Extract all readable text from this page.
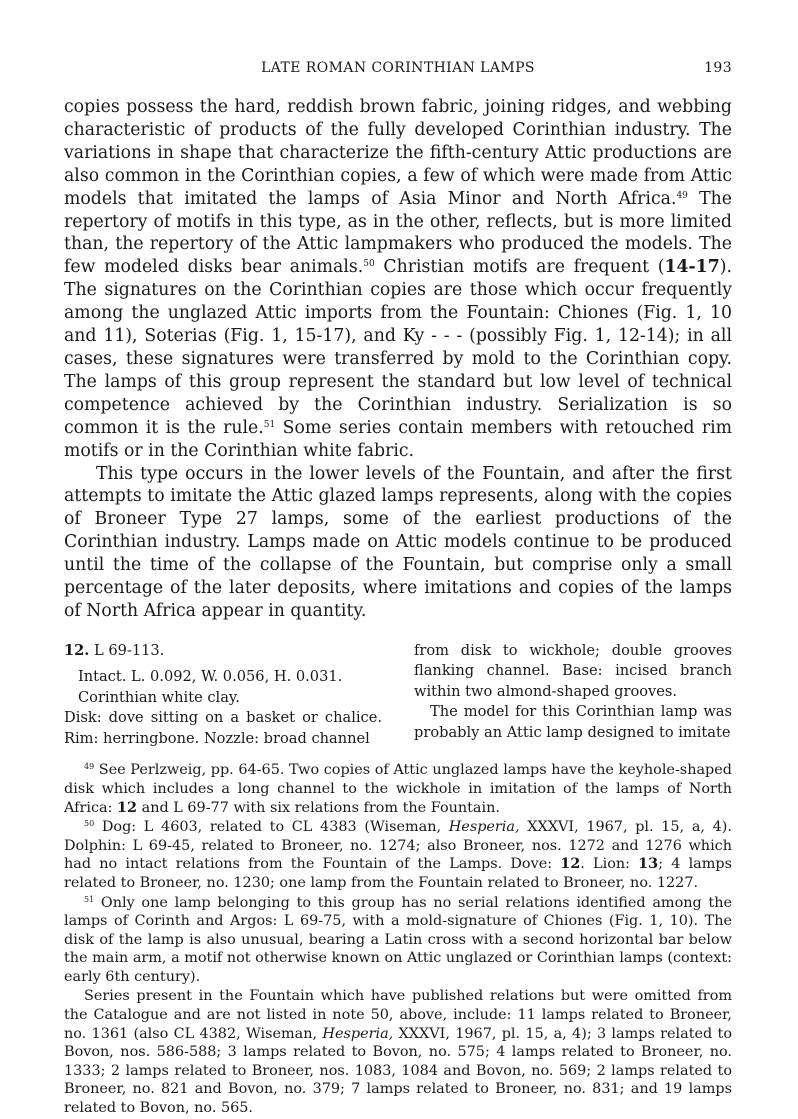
LATE ROMAN CORINTHIAN LAMPS	193

copies possess the hard, reddish brown fabric, joining ridges, and webbing characteristic of products of the fully developed Corinthian industry. The variations in shape that characterize the fifth-century Attic productions are also common in the Corinthian copies, a few of which were made from Attic models that imitated the lamps of Asia Minor and North Africa.$^{49}$ The repertory of motifs in this type, as in the other, reflects, but is more limited than, the repertory of the Attic lampmakers who produced the models. The few modeled disks bear animals.$^{50}$ Christian motifs are frequent (14-17). The signatures on the Corinthian copies are those which occur frequently among the unglazed Attic imports from the Fountain: Chiones (Fig. 1, 10 and 11), Soterias (Fig. 1, 15-17), and Ky - - - (possibly Fig. 1, 12-14); in all cases, these signatures were transferred by mold to the Corinthian copy. The lamps of this group represent the standard but low level of technical competence achieved by the Corinthian industry. Serialization is so common it is the rule.$^{51}$ Some series contain members with retouched rim motifs or in the Corinthian white fabric.

This type occurs in the lower levels of the Fountain, and after the first attempts to imitate the Attic glazed lamps represents, along with the copies of Broneer Type 27 lamps, some of the earliest productions of the Corinthian industry. Lamps made on Attic models continue to be produced until the time of the collapse of the Fountain, but comprise only a small percentage of the later deposits, where imitations and copies of the lamps of North Africa appear in quantity.

12. L 69-113.
Intact. L. 0.092, W. 0.056, H. 0.031.
Corinthian white clay.
Disk: dove sitting on a basket or chalice. Rim: herringbone. Nozzle: broad channel

from disk to wickhole; double grooves flanking channel. Base: incised branch within two almond-shaped grooves.

The model for this Corinthian lamp was probably an Attic lamp designed to imitate

$^{49}$ See Perlzweig, pp. 64-65. Two copies of Attic unglazed lamps have the keyhole-shaped disk which includes a long channel to the wickhole in imitation of the lamps of North Africa: 12 and L 69-77 with six relations from the Fountain.

$^{50}$ Dog: L 4603, related to CL 4383 (Wiseman, Hesperia, XXXVI, 1967, pl. 15, a, 4). Dolphin: L 69-45, related to Broneer, no. 1274; also Broneer, nos. 1272 and 1276 which had no intact relations from the Fountain of the Lamps. Dove: 12. Lion: 13; 4 lamps related to Broneer, no. 1230; one lamp from the Fountain related to Broneer, no. 1227.

$^{51}$ Only one lamp belonging to this group has no serial relations identified among the lamps of Corinth and Argos: L 69-75, with a mold-signature of Chiones (Fig. 1, 10). The disk of the lamp is also unusual, bearing a Latin cross with a second horizontal bar below the main arm, a motif not otherwise known on Attic unglazed or Corinthian lamps (context: early 6th century).

Series present in the Fountain which have published relations but were omitted from the Catalogue and are not listed in note 50, above, include: 11 lamps related to Broneer, no. 1361 (also CL 4382, Wiseman, Hesperia, XXXVI, 1967, pl. 15, a, 4); 3 lamps related to Bovon, nos. 586-588; 3 lamps related to Bovon, no. 575; 4 lamps related to Broneer, no. 1333; 2 lamps related to Broneer, nos. 1083, 1084 and Bovon, no. 569; 2 lamps related to Broneer, no. 821 and Bovon, no. 379; 7 lamps related to Broneer, no. 831; and 19 lamps related to Bovon, no. 565.
